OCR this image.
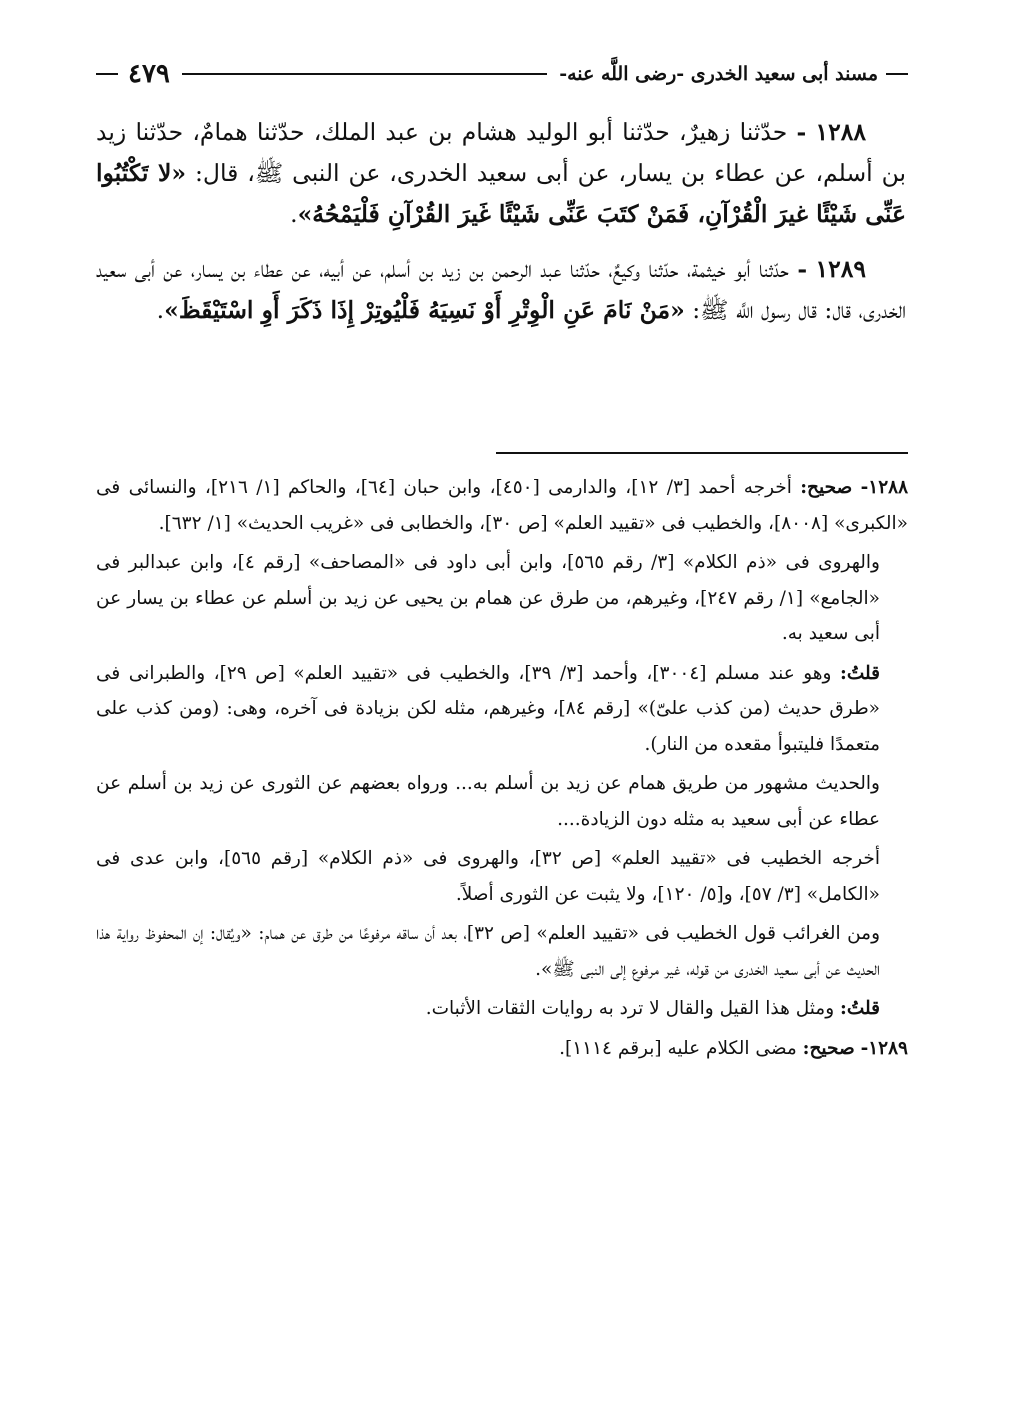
مسند أبى سعيد الخدرى -رضى اللَّه عنه-
٤٧٩

١٢٨٨ - حدّثنا زهيرٌ، حدّثنا أبو الوليد هشام بن عبد الملك، حدّثنا همامٌ، حدّثنا زيد بن أسلم، عن عطاء بن يسار، عن أبى سعيد الخدرى، عن النبى ﷺ، قال: «لا تَكْتُبُوا عَنِّى شَيْئًا غيرَ الْقُرْآنِ، فَمَنْ كتَبَ عَنِّى شَيْئًا غَيرَ القُرْآنِ فَلْيَمْحُهُ».

١٢٨٩ - حدّثنا أبو خيثمة، حدّثنا وكيعٌ، حدّثنا عبد الرحمن بن زيد بن أسلم، عن أبيه، عن عطاء بن يسار، عن أبى سعيد الخدرى، قال: قال رسول اللَّه ﷺ: «مَنْ نَامَ عَنِ الْوِتْرِ أَوْ نَسِيَهُ فَلْيُوتِرْ إِذَا ذَكَرَ أَوِ اسْتَيْقَظَ».

١٢٨٨- صحيح: أخرجه أحمد [٣/ ١٢]، والدارمى [٤٥٠]، وابن حبان [٦٤]، والحاكم [١/ ٢١٦]، والنسائى فى «الكبرى» [٨٠٠٨]، والخطيب فى «تقييد العلم» [ص ٣٠]، والخطابى فى «غريب الحديث» [١/ ٦٣٢].

والهروى فى «ذم الكلام» [٣/ رقم ٥٦٥]، وابن أبى داود فى «المصاحف» [رقم ٤]، وابن عبدالبر فى «الجامع» [١/ رقم ٢٤٧]، وغيرهم، من طرق عن همام بن يحيى عن زيد بن أسلم عن عطاء بن يسار عن أبى سعيد به.

قلتُ: وهو عند مسلم [٣٠٠٤]، وأحمد [٣/ ٣٩]، والخطيب فى «تقييد العلم» [ص ٢٩]، والطبرانى فى «طرق حديث (من كذب علىّ)» [رقم ٨٤]، وغيرهم، مثله لكن بزيادة فى آخره، وهى: (ومن كذب على متعمدًا فليتبوأ مقعده من النار).

والحديث مشهور من طريق همام عن زيد بن أسلم به... ورواه بعضهم عن الثورى عن زيد بن أسلم عن عطاء عن أبى سعيد به مثله دون الزيادة....

أخرجه الخطيب فى «تقييد العلم» [ص ٣٢]، والهروى فى «ذم الكلام» [رقم ٥٦٥]، وابن عدى فى «الكامل» [٣/ ٥٧]، و[٥/ ١٢٠]، ولا يثبت عن الثورى أصلاً.

ومن الغرائب قول الخطيب فى «تقييد العلم» [ص ٣٢]، بعد أن ساقه مرفوعًا من طرق عن همام: «ويُقال: إن المحفوظ رواية هذا الحديث عن أبى سعيد الخدرى من قوله، غير مرفوع إلى النبى ﷺ».

قلتُ: ومثل هذا القيل والقال لا ترد به روايات الثقات الأثبات.

١٢٨٩- صحيح: مضى الكلام عليه [برقم ١١١٤].
